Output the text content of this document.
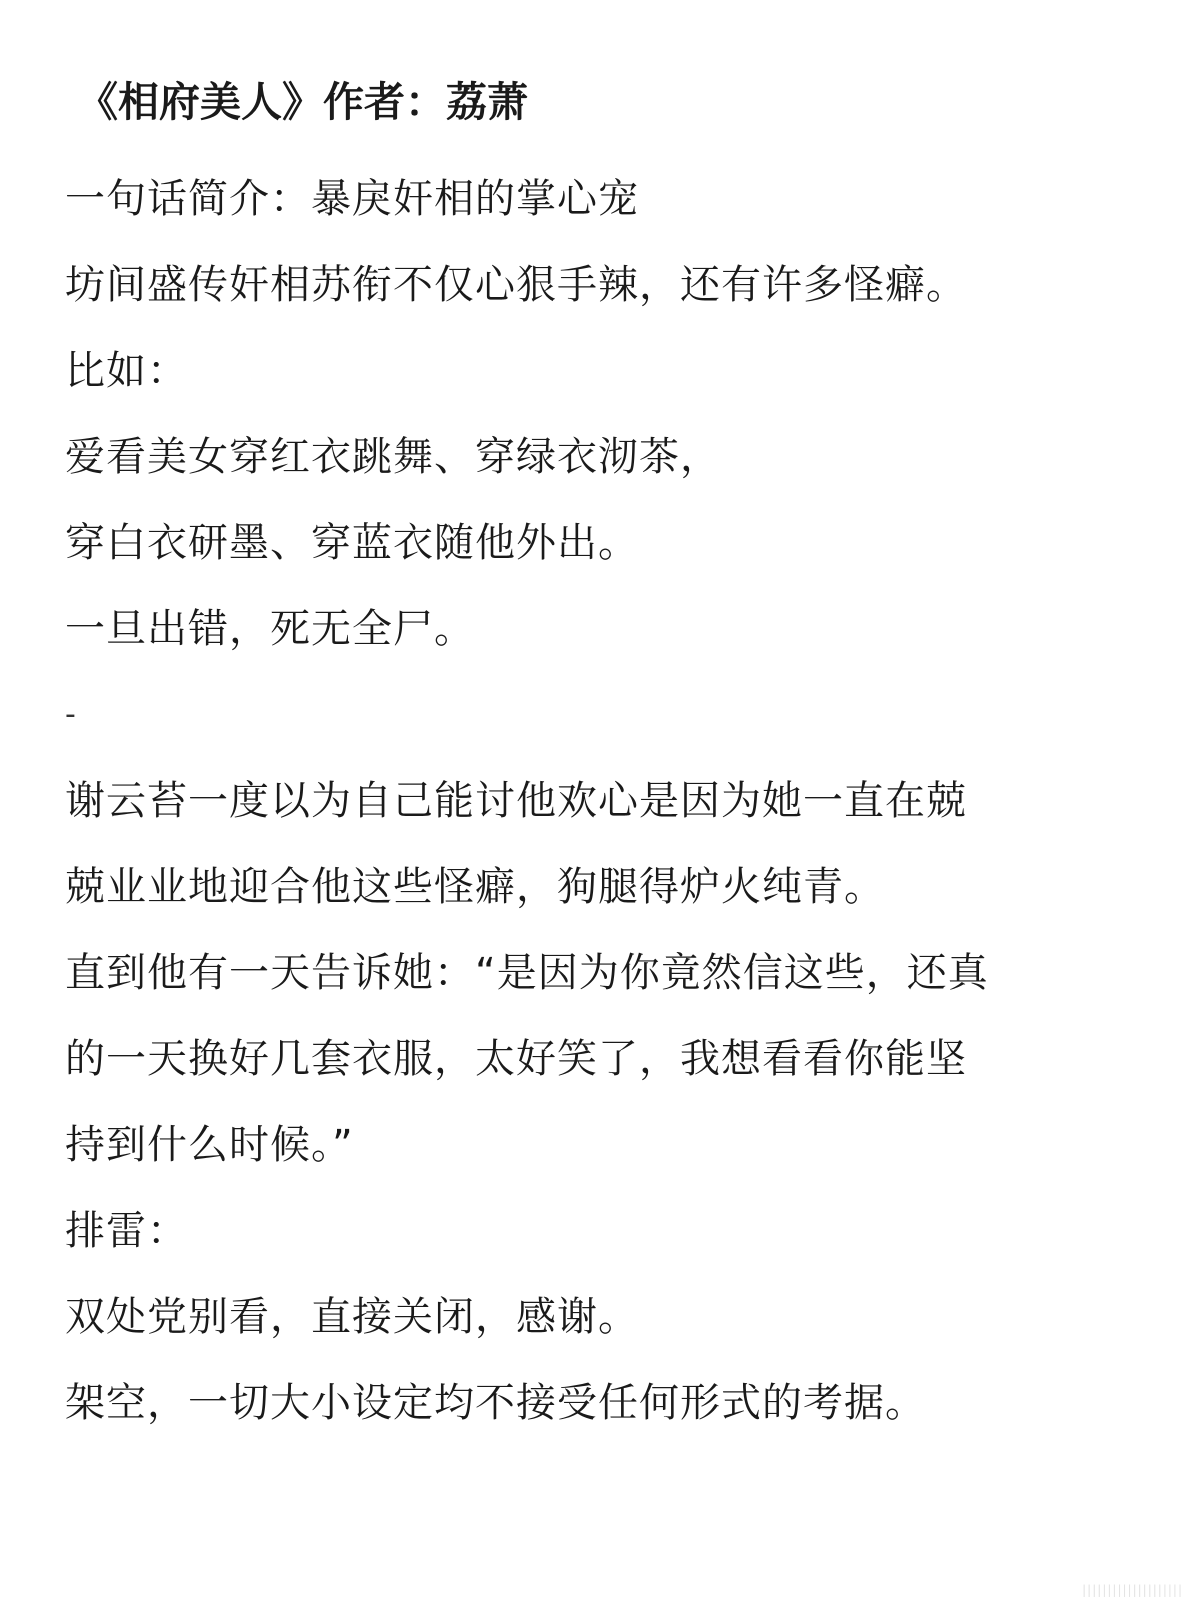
《相府美人》作者：荔萧
一句话简介：暴戾奸相的掌心宠
坊间盛传奸相苏衔不仅心狠手辣，还有许多怪癖。
比如：
爱看美女穿红衣跳舞、穿绿衣沏茶，
穿白衣研墨、穿蓝衣随他外出。
一旦出错，死无全尸。
-
谢云苔一度以为自己能讨他欢心是因为她一直在兢
兢业业地迎合他这些怪癖，狗腿得炉火纯青。
直到他有一天告诉她：“是因为你竟然信这些，还真
的一天换好几套衣服，太好笑了，我想看看你能坚
持到什么时候。”
排雷：
双处党别看，直接关闭，感谢。
架空，一切大小设定均不接受任何形式的考据。
||||||||||||||||||||
